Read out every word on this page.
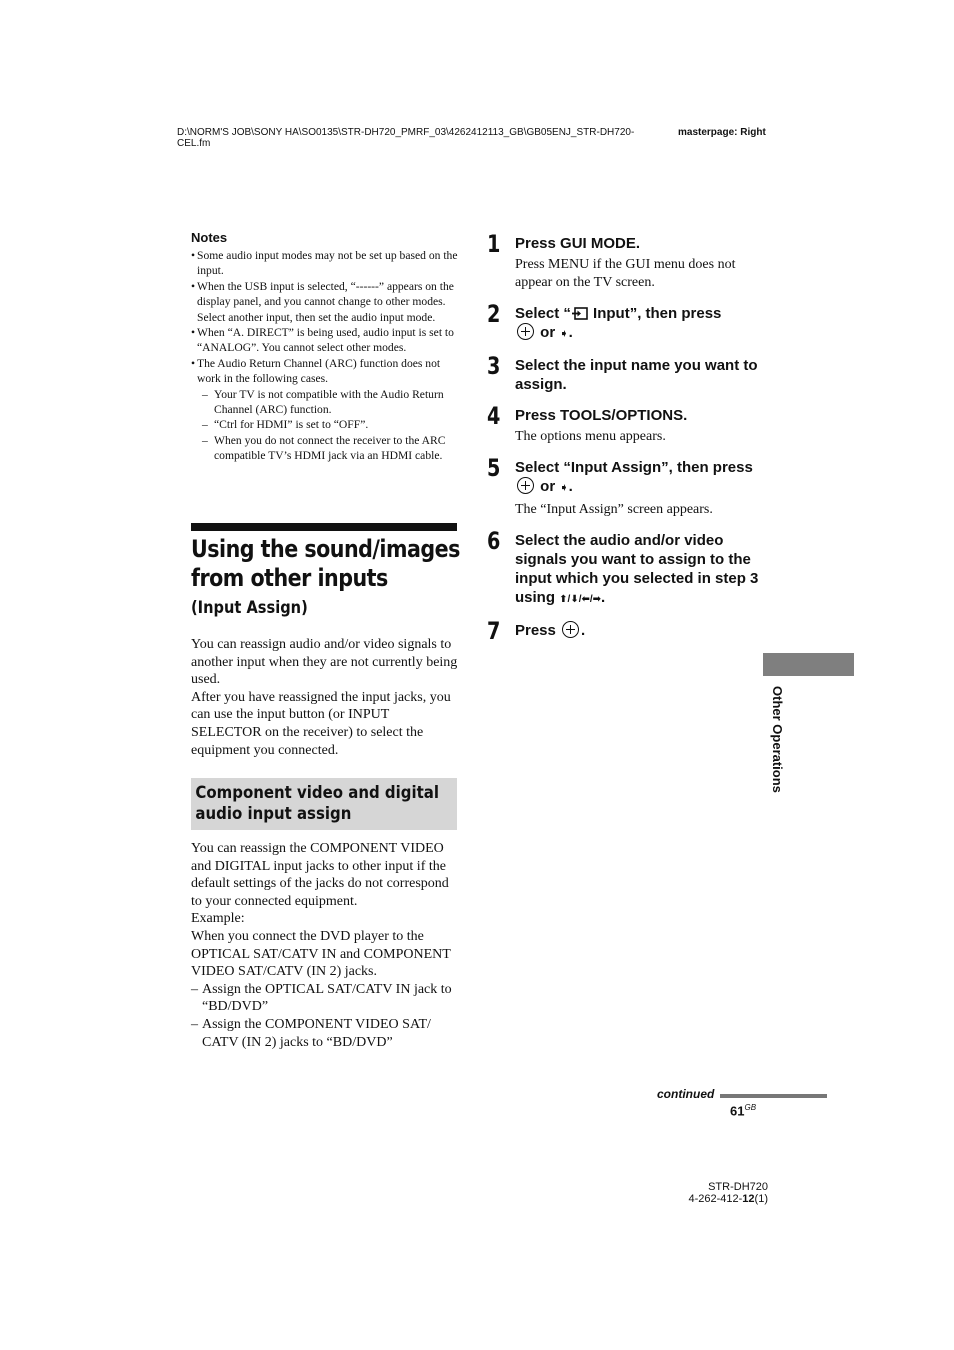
D:\NORM'S JOB\SONY HA\SO0135\STR-DH720_PMRF_03\4262412113_GB\GB05ENJ_STR-DH720-CEL.fm
masterpage: Right
Notes
• Some audio input modes may not be set up based on the input.
• When the USB input is selected, “------” appears on the display panel, and you cannot change to other modes. Select another input, then set the audio input mode.
• When “A. DIRECT” is being used, audio input is set to “ANALOG”. You cannot select other modes.
• The Audio Return Channel (ARC) function does not work in the following cases.
– Your TV is not compatible with the Audio Return Channel (ARC) function.
– “Ctrl for HDMI” is set to “OFF”.
– When you do not connect the receiver to the ARC compatible TV’s HDMI jack via an HDMI cable.
Using the sound/images
from other inputs
(Input Assign)
You can reassign audio and/or video signals to another input when they are not currently being used.
After you have reassigned the input jacks, you can use the input button (or INPUT SELECTOR on the receiver) to select the equipment you connected.
Component video and digital
audio input assign
You can reassign the COMPONENT VIDEO and DIGITAL input jacks to other input if the default settings of the jacks do not correspond to your connected equipment.
Example:
When you connect the DVD player to the OPTICAL SAT/CATV IN and COMPONENT VIDEO SAT/CATV (IN 2) jacks.
– Assign the OPTICAL SAT/CATV IN jack to “BD/DVD”
– Assign the COMPONENT VIDEO SAT/ CATV (IN 2) jacks to “BD/DVD”
1 Press GUI MODE.
Press MENU if the GUI menu does not appear on the TV screen.
2 Select “ Input”, then press
or ➧.
3 Select the input name you want to assign.
4 Press TOOLS/OPTIONS.
The options menu appears.
5 Select “Input Assign”, then press  or ➧.
The “Input Assign” screen appears.
6 Select the audio and/or video signals you want to assign to the input which you selected in step 3 using ⬆/⬇/⬅/➡.
7 Press .
Other Operations
continued
$61^{GB}$
STR-DH720
4-262-412-12(1)
